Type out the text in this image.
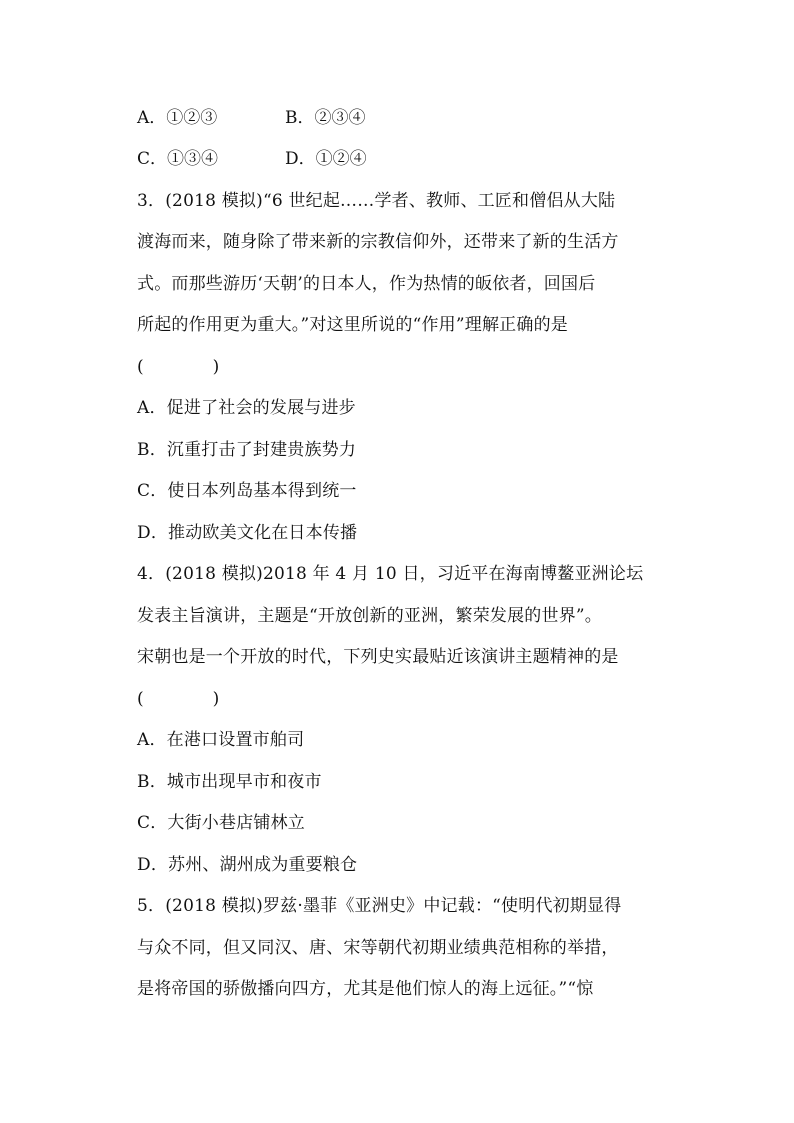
A．①②③	B．②③④
C．①③④	D．①②④
3．(2018 模拟)“6 世纪起……学者、教师、工匠和僧侣从大陆
渡海而来，随身除了带来新的宗教信仰外，还带来了新的生活方
式。而那些游历‘天朝’的日本人，作为热情的皈依者，回国后
所起的作用更为重大。”对这里所说的“作用”理解正确的是
(　　　　)
A．促进了社会的发展与进步
B．沉重打击了封建贵族势力
C．使日本列岛基本得到统一
D．推动欧美文化在日本传播
4．(2018 模拟)2018 年 4 月 10 日，习近平在海南博鳌亚洲论坛
发表主旨演讲，主题是“开放创新的亚洲，繁荣发展的世界”。
宋朝也是一个开放的时代，下列史实最贴近该演讲主题精神的是
(　　　　)
A．在港口设置市舶司
B．城市出现早市和夜市
C．大街小巷店铺林立
D．苏州、湖州成为重要粮仓
5．(2018 模拟)罗兹·墨菲《亚洲史》中记载：“使明代初期显得
与众不同，但又同汉、唐、宋等朝代初期业绩典范相称的举措，
是将帝国的骄傲播向四方，尤其是他们惊人的海上远征。”“惊
